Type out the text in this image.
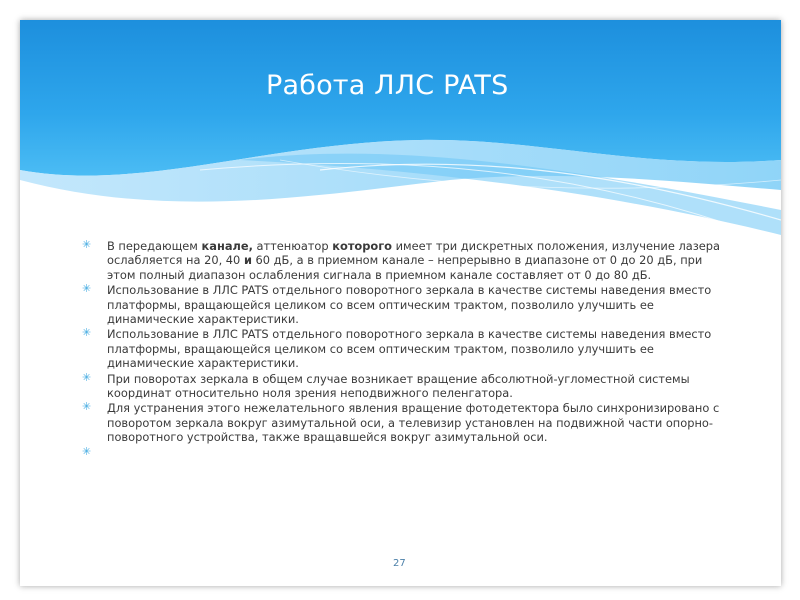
Работа ЛЛС PATS
✳ В передающем канале, аттенюатор которого имеет три дискретных положения, излучение лазера ослабляется на 20, 40 и 60 дБ, а в приемном канале – непрерывно в диапазоне от 0 до 20 дБ, при этом полный диапазон ослабления сигнала в приемном канале составляет от 0 до 80 дБ.
✳ Использование в ЛЛС PATS отдельного поворотного зеркала в качестве системы наведения вместо платформы, вращающейся целиком со всем оптическим трактом, позволило улучшить ее динамические характеристики.
✳ Использование в ЛЛС PATS отдельного поворотного зеркала в качестве системы наведения вместо платформы, вращающейся целиком со всем оптическим трактом, позволило улучшить ее динамические характеристики.
✳ При поворотах зеркала в общем случае возникает вращение абсолютной-угломестной системы координат относительно ноля зрения неподвижного пеленгатора.
✳ Для устранения этого нежелательного явления вращение фотодетектора было синхронизировано с поворотом зеркала вокруг азимутальной оси, а телевизир установлен на подвижной части опорно-поворотного устройства, также вращавшейся вокруг азимутальной оси.
✳

27
